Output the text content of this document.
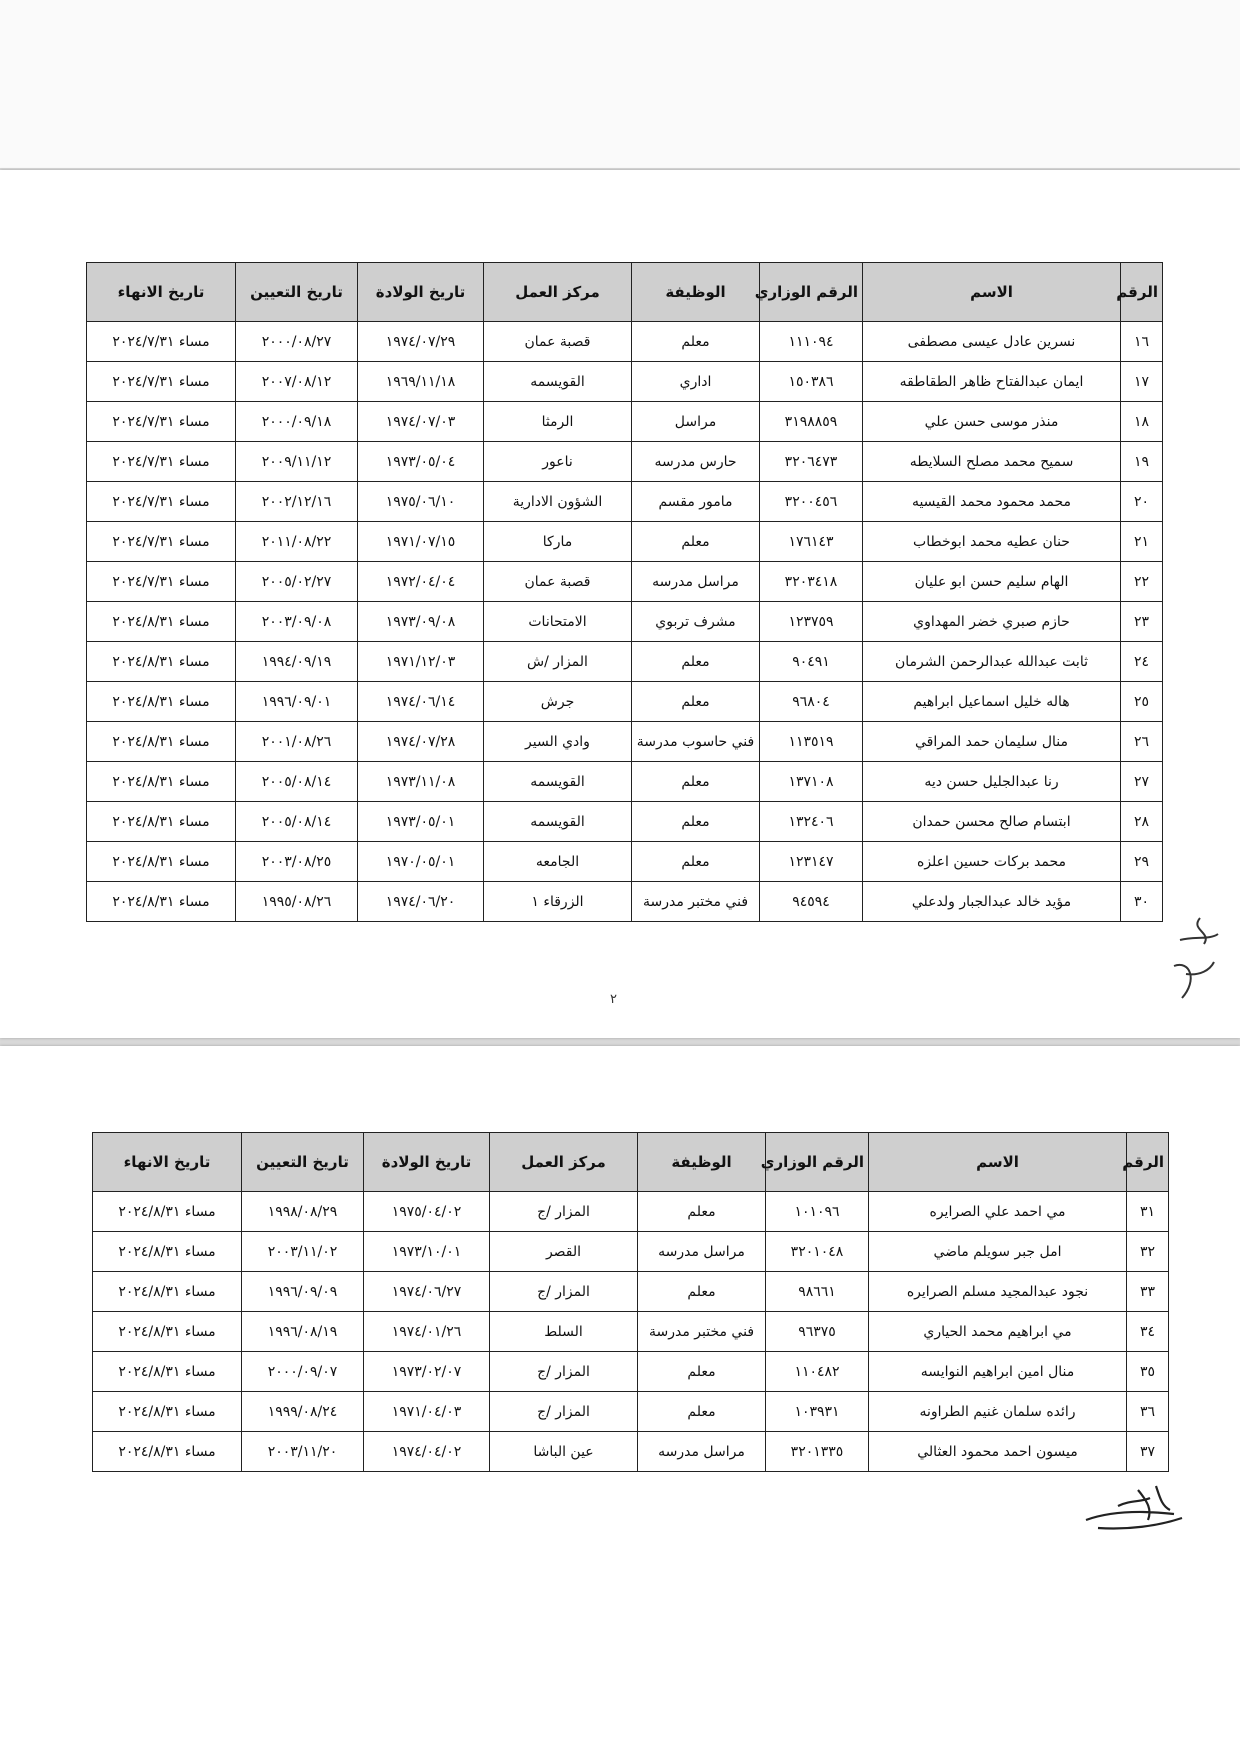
الرقم	الاسم	الرقم الوزاري	الوظيفة	مركز العمل	تاريخ الولادة	تاريخ التعيين	تاريخ الانهاء
١٦	نسرين عادل عيسى مصطفى	١١١٠٩٤	معلم	قصبة عمان	١٩٧٤/٠٧/٢٩	٢٠٠٠/٠٨/٢٧	مساء ٢٠٢٤/٧/٣١
١٧	ايمان عبدالفتاح ظاهر الطقاطقه	١٥٠٣٨٦	اداري	القويسمه	١٩٦٩/١١/١٨	٢٠٠٧/٠٨/١٢	مساء ٢٠٢٤/٧/٣١
١٨	منذر موسى حسن علي	٣١٩٨٨٥٩	مراسل	الرمثا	١٩٧٤/٠٧/٠٣	٢٠٠٠/٠٩/١٨	مساء ٢٠٢٤/٧/٣١
١٩	سميح محمد مصلح السلايطه	٣٢٠٦٤٧٣	حارس مدرسه	ناعور	١٩٧٣/٠٥/٠٤	٢٠٠٩/١١/١٢	مساء ٢٠٢٤/٧/٣١
٢٠	محمد محمود محمد القيسيه	٣٢٠٠٤٥٦	مامور مقسم	الشؤون الادارية	١٩٧٥/٠٦/١٠	٢٠٠٢/١٢/١٦	مساء ٢٠٢٤/٧/٣١
٢١	حنان عطيه محمد ابوخطاب	١٧٦١٤٣	معلم	ماركا	١٩٧١/٠٧/١٥	٢٠١١/٠٨/٢٢	مساء ٢٠٢٤/٧/٣١
٢٢	الهام سليم حسن ابو عليان	٣٢٠٣٤١٨	مراسل مدرسه	قصبة عمان	١٩٧٢/٠٤/٠٤	٢٠٠٥/٠٢/٢٧	مساء ٢٠٢٤/٧/٣١
٢٣	حازم صبري خضر المهداوي	١٢٣٧٥٩	مشرف تربوي	الامتحانات	١٩٧٣/٠٩/٠٨	٢٠٠٣/٠٩/٠٨	مساء ٢٠٢٤/٨/٣١
٢٤	ثابت عبدالله عبدالرحمن الشرمان	٩٠٤٩١	معلم	المزار /ش	١٩٧١/١٢/٠٣	١٩٩٤/٠٩/١٩	مساء ٢٠٢٤/٨/٣١
٢٥	هاله خليل اسماعيل ابراهيم	٩٦٨٠٤	معلم	جرش	١٩٧٤/٠٦/١٤	١٩٩٦/٠٩/٠١	مساء ٢٠٢٤/٨/٣١
٢٦	منال سليمان حمد المراقي	١١٣٥١٩	فني حاسوب مدرسة	وادي السير	١٩٧٤/٠٧/٢٨	٢٠٠١/٠٨/٢٦	مساء ٢٠٢٤/٨/٣١
٢٧	رنا عبدالجليل حسن ديه	١٣٧١٠٨	معلم	القويسمه	١٩٧٣/١١/٠٨	٢٠٠٥/٠٨/١٤	مساء ٢٠٢٤/٨/٣١
٢٨	ابتسام صالح محسن حمدان	١٣٢٤٠٦	معلم	القويسمه	١٩٧٣/٠٥/٠١	٢٠٠٥/٠٨/١٤	مساء ٢٠٢٤/٨/٣١
٢٩	محمد بركات حسين اعلزه	١٢٣١٤٧	معلم	الجامعه	١٩٧٠/٠٥/٠١	٢٠٠٣/٠٨/٢٥	مساء ٢٠٢٤/٨/٣١
٣٠	مؤيد خالد عبدالجبار ولدعلي	٩٤٥٩٤	فني مختبر مدرسة	الزرقاء ١	١٩٧٤/٠٦/٢٠	١٩٩٥/٠٨/٢٦	مساء ٢٠٢٤/٨/٣١
٢
الرقم	الاسم	الرقم الوزاري	الوظيفة	مركز العمل	تاريخ الولادة	تاريخ التعيين	تاريخ الانهاء
٣١	مي احمد علي الصرايره	١٠١٠٩٦	معلم	المزار /ج	١٩٧٥/٠٤/٠٢	١٩٩٨/٠٨/٢٩	مساء ٢٠٢٤/٨/٣١
٣٢	امل جبر سويلم ماضي	٣٢٠١٠٤٨	مراسل مدرسه	القصر	١٩٧٣/١٠/٠١	٢٠٠٣/١١/٠٢	مساء ٢٠٢٤/٨/٣١
٣٣	نجود عبدالمجيد مسلم الصرايره	٩٨٦٦١	معلم	المزار /ج	١٩٧٤/٠٦/٢٧	١٩٩٦/٠٩/٠٩	مساء ٢٠٢٤/٨/٣١
٣٤	مي ابراهيم محمد الحياري	٩٦٣٧٥	فني مختبر مدرسة	السلط	١٩٧٤/٠١/٢٦	١٩٩٦/٠٨/١٩	مساء ٢٠٢٤/٨/٣١
٣٥	منال امين ابراهيم النوايسه	١١٠٤٨٢	معلم	المزار /ج	١٩٧٣/٠٢/٠٧	٢٠٠٠/٠٩/٠٧	مساء ٢٠٢٤/٨/٣١
٣٦	رائده سلمان غنيم الطراونه	١٠٣٩٣١	معلم	المزار /ج	١٩٧١/٠٤/٠٣	١٩٩٩/٠٨/٢٤	مساء ٢٠٢٤/٨/٣١
٣٧	ميسون احمد محمود العثالي	٣٢٠١٣٣٥	مراسل مدرسه	عين الباشا	١٩٧٤/٠٤/٠٢	٢٠٠٣/١١/٢٠	مساء ٢٠٢٤/٨/٣١
